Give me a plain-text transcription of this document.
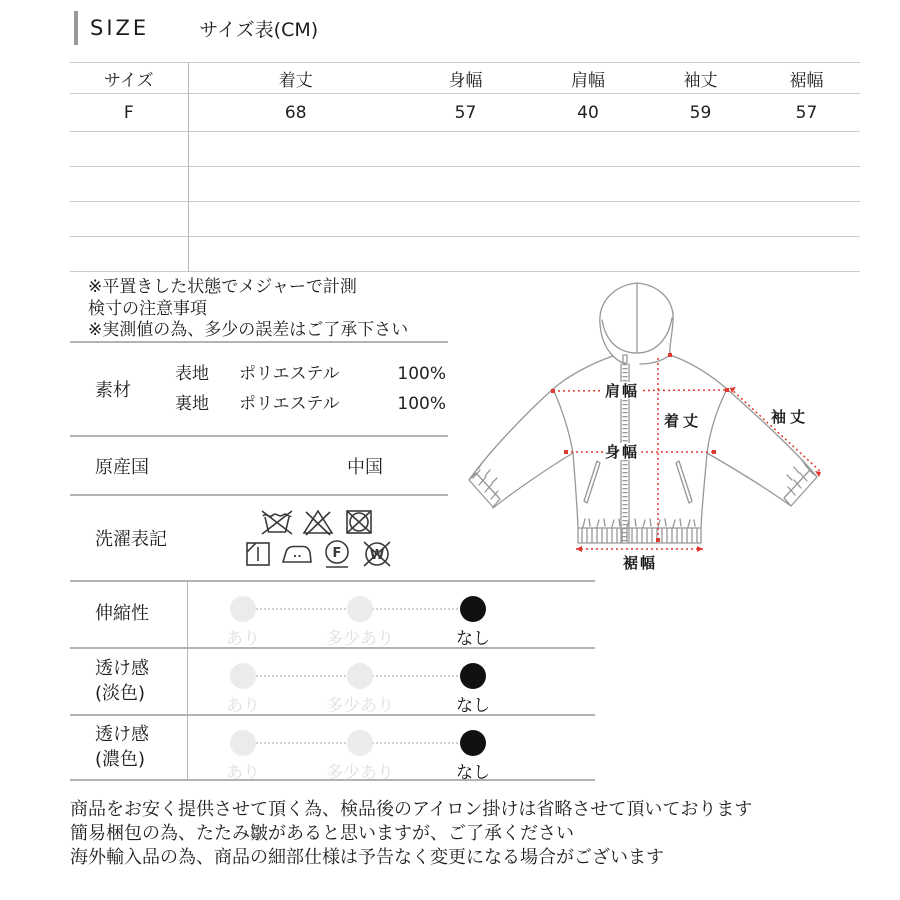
SIZE	サイズ表(CM)
サイズ	着丈	身幅	肩幅	袖丈	裾幅
F	68	57	40	59	57

※平置きした状態でメジャーで計測
検寸の注意事項
※実測値の為、多少の誤差はご了承下さい
素材
表地	ポリエステル	100%
裏地	ポリエステル	100%
原産国	中国
洗濯表記
F W
伸縮性
あり	多少あり	なし
透け感
(淡色)
あり	多少あり	なし
透け感
(濃色)
あり	多少あり	なし
肩幅
着丈
身幅
袖丈
裾幅
商品をお安く提供させて頂く為、検品後のアイロン掛けは省略させて頂いております
簡易梱包の為、たたみ皺があると思いますが、ご了承ください
海外輸入品の為、商品の細部仕様は予告なく変更になる場合がございます
